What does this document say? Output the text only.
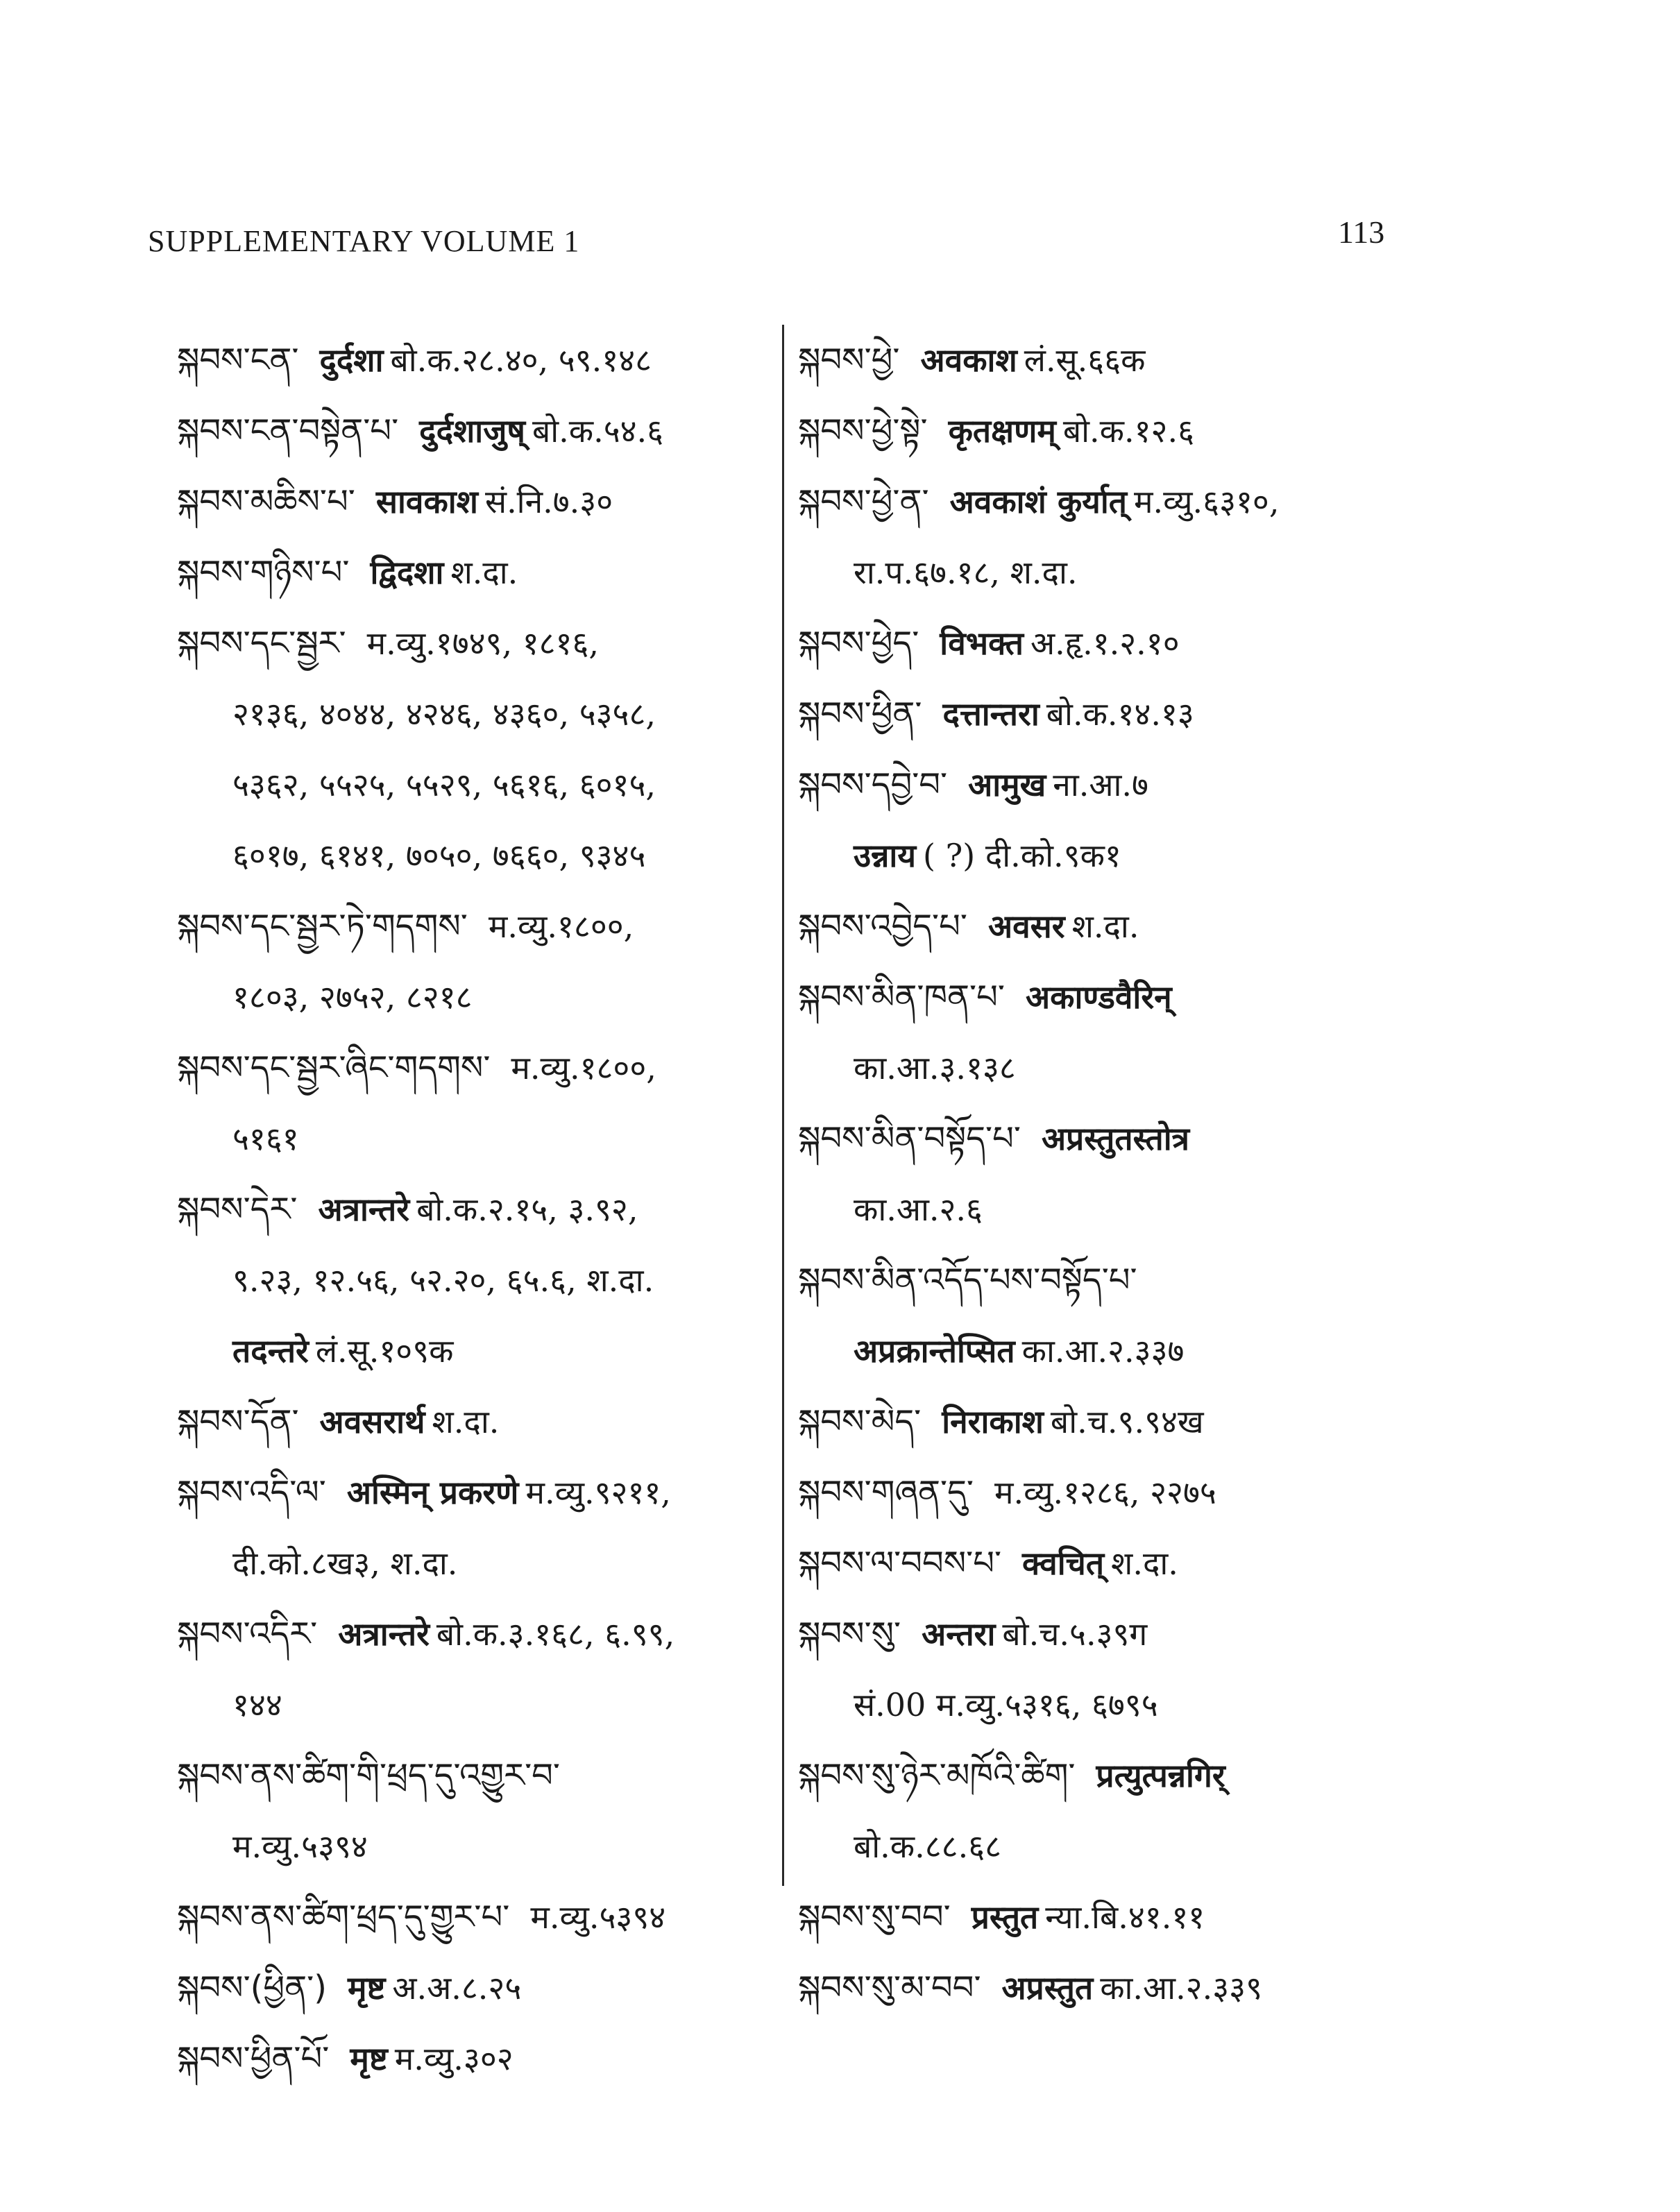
SUPPLEMENTARY VOLUME 1	113
སྐབས་ངན་ दुर्दशा बो.क.२८.४०, ५९.१४८
སྐབས་ངན་བསྟེན་པ་ दुर्दशाजुष् बो.क.५४.६
སྐབས་མཆིས་པ་ सावकाश सं.नि.७.३०
སྐབས་གཉིས་པ་ द्विदशा श.दा.
སྐབས་དང་སྦྱར་ म.व्यु.१७४९, १८१६,
२१३६, ४०४४, ४२४६, ४३६०, ५३५८,
५३६२, ५५२५, ५५२९, ५६१६, ६०१५,
६०१७, ६१४१, ७०५०, ७६६०, ९३४५
སྐབས་དང་སྦྱར་ཏེ་གདགས་ म.व्यु.१८००,
१८०३, २७५२, ८२१८
སྐབས་དང་སྦྱར་ཞིང་གདགས་ म.व्यु.१८००,
५१६१
སྐབས་དེར་ अत्रान्तरे बो.क.२.१५, ३.९२,
९.२३, १२.५६, ५२.२०, ६५.६, श.दा.
तदन्तरे लं.सू.१०९क
སྐབས་དོན་ अवसरार्थ श.दा.
སྐབས་འདི་ལ་ अस्मिन् प्रकरणे म.व्यु.९२११,
दी.को.८ख३, श.दा.
སྐབས་འདིར་ अत्रान्तरे बो.क.३.१६८, ६.९९,
१४४
སྐབས་ནས་ཚིག་གི་ཕྲད་དུ་འགྱུར་བ་
म.व्यु.५३९४
སྐབས་ནས་ཚིག་ཕྲད་དུ་གྱུར་པ་ म.व्यु.५३९४
སྐབས་(ཕྱིན་) मृष्ट अ.अ.८.२५
སྐབས་ཕྱིན་པོ་ मृष्ट म.व्यु.३०२
སྐབས་ཕྱེ་ अवकाश लं.सू.६६क
སྐབས་ཕྱེ་སྟེ་ कृतक्षणम् बो.क.१२.६
སྐབས་ཕྱེ་ན་ अवकाशं कुर्यात् म.व्यु.६३१०,
रा.प.६७.१८, श.दा.
སྐབས་ཕྱེད་ विभक्त अ.हृ.१.२.१०
སྐབས་ཕྱིན་ दत्तान्तरा बो.क.१४.१३
སྐབས་དབྱེ་བ་ आमुख ना.आ.७
उन्नाय ( ?) दी.को.९क१
སྐབས་འབྱེད་པ་ अवसर श.दा.
སྐབས་མིན་ཁན་པ་ अकाण्डवैरिन्
का.आ.३.१३८
སྐབས་མིན་བསྟོད་པ་ अप्रस्तुतस्तोत्र
का.आ.२.६
སྐབས་མིན་འདོད་པས་བསྟོད་པ་
अप्रक्रान्तेप्सित का.आ.२.३३७
སྐབས་མེད་ निराकाश बो.च.९.९४ख
སྐབས་གཞན་དུ་ म.व्यु.१२८६, २२७५
སྐབས་ལ་བབས་པ་ क्वचित् श.दा.
སྐབས་སུ་ अन्तरा बो.च.५.३९ग
सं.00 म.व्यु.५३१६, ६७९५
སྐབས་སུ་ཉེར་མཁོའི་ཚིག་ प्रत्युत्पन्नगिर्
बो.क.८८.६८
སྐབས་སུ་བབ་ प्रस्तुत न्या.बि.४१.११
སྐབས་སུ་མ་བབ་ अप्रस्तुत का.आ.२.३३९
